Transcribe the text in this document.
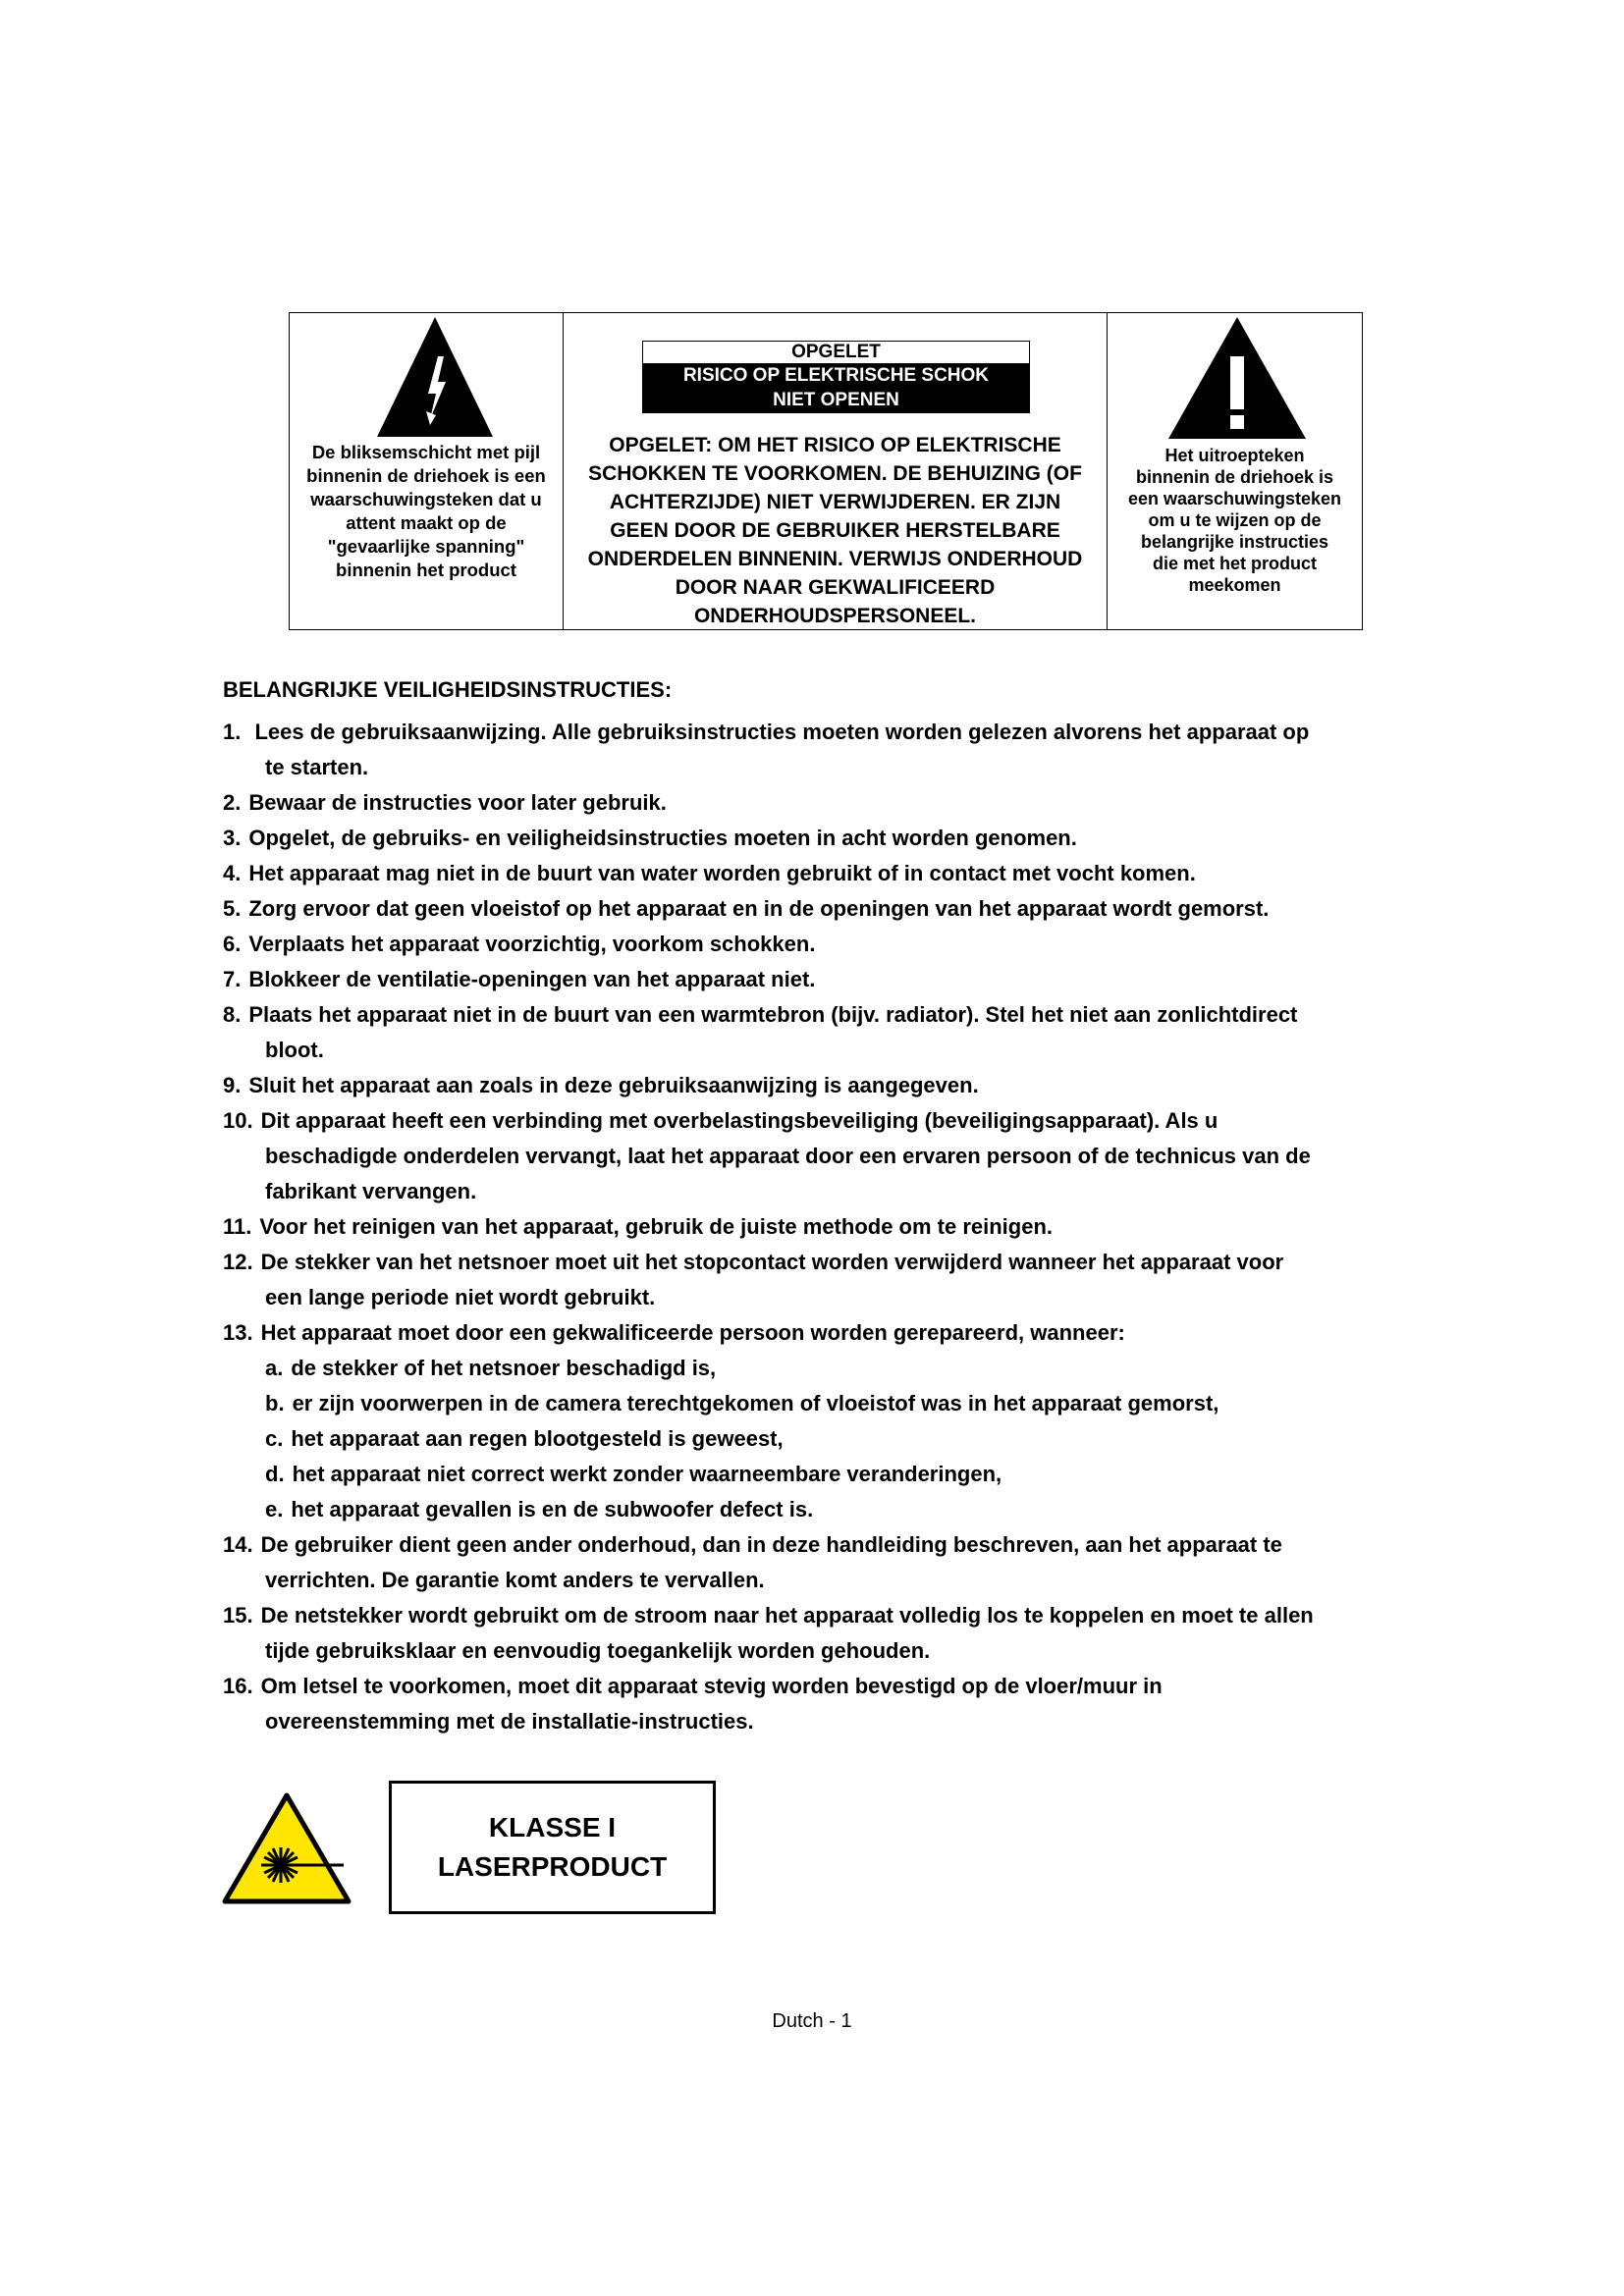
De bliksemschicht met pijl
binnenin de driehoek is een
waarschuwingsteken dat u
attent maakt op de
"gevaarlijke spanning"
binnenin het product
OPGELET
RISICO OP ELEKTRISCHE SCHOK
NIET OPENEN
OPGELET: OM HET RISICO OP ELEKTRISCHE
SCHOKKEN TE VOORKOMEN. DE BEHUIZING (OF
ACHTERZIJDE) NIET VERWIJDEREN. ER ZIJN
GEEN DOOR DE GEBRUIKER HERSTELBARE
ONDERDELEN BINNENIN. VERWIJS ONDERHOUD
DOOR NAAR GEKWALIFICEERD
ONDERHOUDSPERSONEEL.
Het uitroepteken
binnenin de driehoek is
een waarschuwingsteken
om u te wijzen op de
belangrijke instructies
die met het product
meekomen
BELANGRIJKE VEILIGHEIDSINSTRUCTIES:
1. Lees de gebruiksaanwijzing. Alle gebruiksinstructies moeten worden gelezen alvorens het apparaat op
te starten.
2. Bewaar de instructies voor later gebruik.
3. Opgelet, de gebruiks- en veiligheidsinstructies moeten in acht worden genomen.
4. Het apparaat mag niet in de buurt van water worden gebruikt of in contact met vocht komen.
5. Zorg ervoor dat geen vloeistof op het apparaat en in de openingen van het apparaat wordt gemorst.
6. Verplaats het apparaat voorzichtig, voorkom schokken.
7. Blokkeer de ventilatie-openingen van het apparaat niet.
8. Plaats het apparaat niet in de buurt van een warmtebron (bijv. radiator). Stel het niet aan zonlichtdirect
bloot.
9. Sluit het apparaat aan zoals in deze gebruiksaanwijzing is aangegeven.
10. Dit apparaat heeft een verbinding met overbelastingsbeveiliging (beveiligingsapparaat). Als u
beschadigde onderdelen vervangt, laat het apparaat door een ervaren persoon of de technicus van de
fabrikant vervangen.
11. Voor het reinigen van het apparaat, gebruik de juiste methode om te reinigen.
12. De stekker van het netsnoer moet uit het stopcontact worden verwijderd wanneer het apparaat voor
een lange periode niet wordt gebruikt.
13. Het apparaat moet door een gekwalificeerde persoon worden gerepareerd, wanneer:
a. de stekker of het netsnoer beschadigd is,
b. er zijn voorwerpen in de camera terechtgekomen of vloeistof was in het apparaat gemorst,
c. het apparaat aan regen blootgesteld is geweest,
d. het apparaat niet correct werkt zonder waarneembare veranderingen,
e. het apparaat gevallen is en de subwoofer defect is.
14. De gebruiker dient geen ander onderhoud, dan in deze handleiding beschreven, aan het apparaat te
verrichten. De garantie komt anders te vervallen.
15. De netstekker wordt gebruikt om de stroom naar het apparaat volledig los te koppelen en moet te allen
tijde gebruiksklaar en eenvoudig toegankelijk worden gehouden.
16. Om letsel te voorkomen, moet dit apparaat stevig worden bevestigd op de vloer/muur in
overeenstemming met de installatie-instructies.
KLASSE I
LASERPRODUCT
Dutch - 1
